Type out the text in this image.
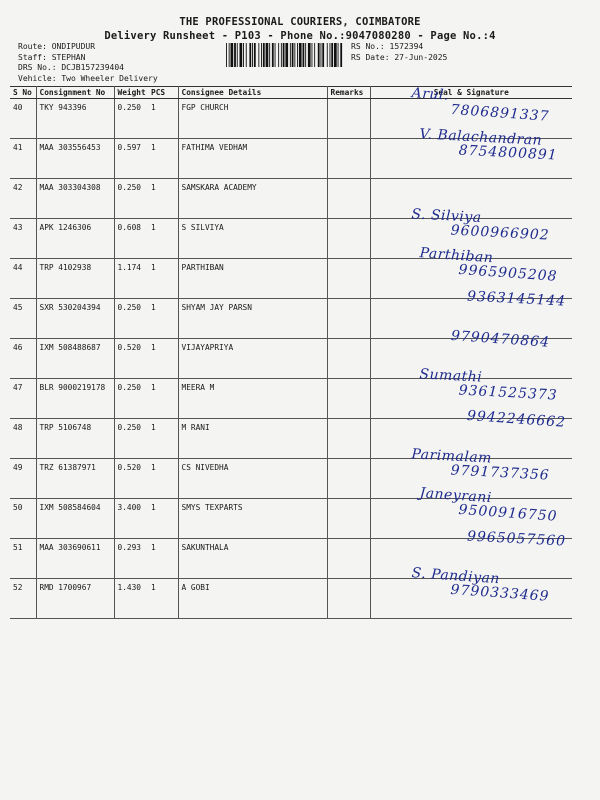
THE PROFESSIONAL COURIERS, COIMBATORE
Delivery Runsheet - P103 - Phone No.:9047080280 - Page No.:4
Route: ONDIPUDUR
Staff: STEPHAN
DRS No.: DCJB157239404
Vehicle: Two Wheeler Delivery
RS No.: 1572394
RS Date: 27-Jun-2025
S No	Consignment No	Weight	PCS	Consignee Details	Remarks	Seal & Signature
40	TKY 943396	0.250	1	FGP CHURCH		Arul.
7806891337

41	MAA 303556453	0.597	1	FATHIMA VEDHAM		V. Balachandran
8754800891

42	MAA 303304308	0.250	1	SAMSKARA ACADEMY		

43	APK 1246306	0.608	1	S SILVIYA		S. Silviya
9600966902

44	TRP 4102938	1.174	1	PARTHIBAN		Parthiban
9965905208

45	SXR 530204394	0.250	1	SHYAM JAY PARSN		9363145144

46	IXM 508488687	0.520	1	VIJAYAPRIYA		9790470864

47	BLR 9000219178	0.250	1	MEERA M		Sumathi
9361525373

48	TRP 5106748	0.250	1	M RANI		9942246662

49	TRZ 61387971	0.520	1	CS NIVEDHA		Parimalam
9791737356

50	IXM 508584604	3.400	1	SMYS TEXPARTS		Janeyrani
9500916750

51	MAA 303690611	0.293	1	SAKUNTHALA		9965057560

52	RMD 1700967	1.430	1	A GOBI		S. Pandiyan
9790333469
